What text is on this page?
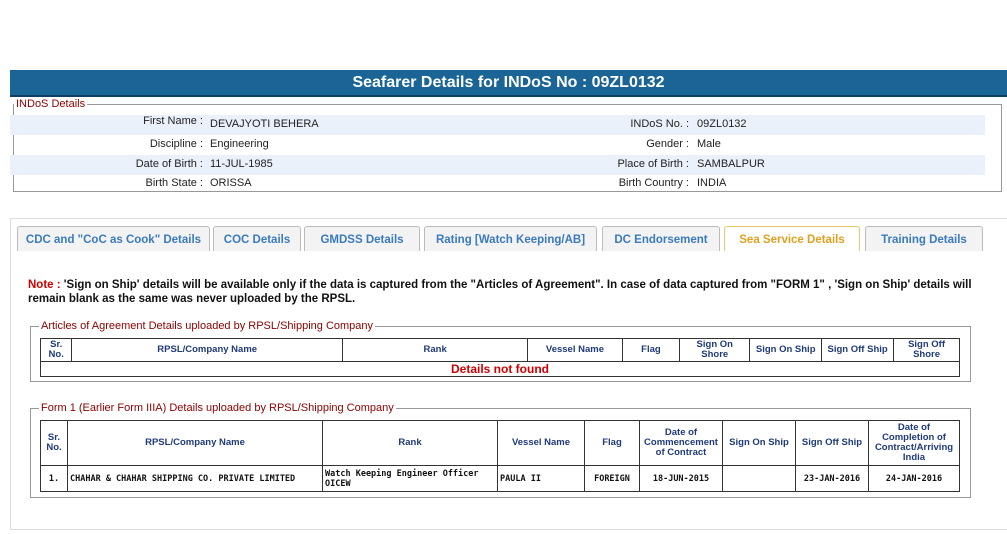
Seafarer Details for INDoS No : 09ZL0132
INDoS Details
First Name : DEVAJYOTI BEHERA	INDoS No. : 09ZL0132
Discipline : Engineering	Gender : Male
Date of Birth : 11-JUL-1985	Place of Birth : SAMBALPUR
Birth State : ORISSA	Birth Country : INDIA
CDC and "CoC as Cook" Details	COC Details	GMDSS Details	Rating [Watch Keeping/AB]	DC Endorsement	Sea Service Details	Training Details
Note : 'Sign on Ship' details will be available only if the data is captured from the "Articles of Agreement". In case of data captured from "FORM 1" , 'Sign on Ship' details will remain blank as the same was never uploaded by the RPSL.
Articles of Agreement Details uploaded by RPSL/Shipping Company
Sr. No.	RPSL/Company Name	Rank	Vessel Name	Flag	Sign On Shore	Sign On Ship	Sign Off Ship	Sign Off Shore
Details not found
Form 1 (Earlier Form IIIA) Details uploaded by RPSL/Shipping Company
Sr. No.	RPSL/Company Name	Rank	Vessel Name	Flag	Date of Commencement of Contract	Sign On Ship	Sign Off Ship	Date of Completion of Contract/Arriving India
1.	CHAHAR & CHAHAR SHIPPING CO. PRIVATE LIMITED	Watch Keeping Engineer Officer OICEW	PAULA II	FOREIGN	18-JUN-2015		23-JAN-2016	24-JAN-2016
